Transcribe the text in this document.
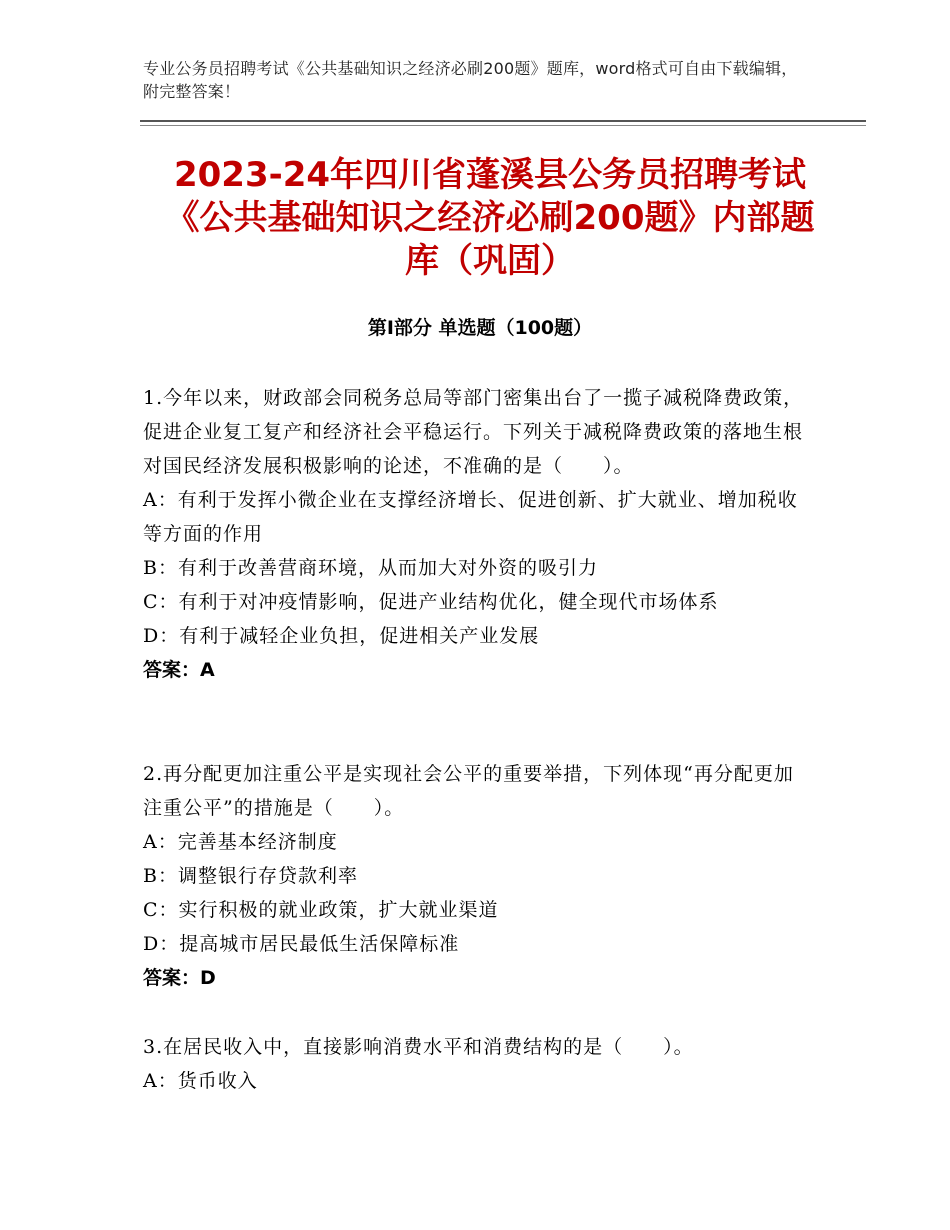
专业公务员招聘考试《公共基础知识之经济必刷200题》题库，word格式可自由下载编辑，附完整答案！
2023-24年四川省蓬溪县公务员招聘考试《公共基础知识之经济必刷200题》内部题库（巩固）
第Ⅰ部分 单选题（100题）

1.今年以来，财政部会同税务总局等部门密集出台了一揽子减税降费政策，促进企业复工复产和经济社会平稳运行。下列关于减税降费政策的落地生根对国民经济发展积极影响的论述，不准确的是（　　）。

A：有利于发挥小微企业在支撑经济增长、促进创新、扩大就业、增加税收等方面的作用

B：有利于改善营商环境，从而加大对外资的吸引力

C：有利于对冲疫情影响，促进产业结构优化，健全现代市场体系

D：有利于减轻企业负担，促进相关产业发展

答案：A

2.再分配更加注重公平是实现社会公平的重要举措，下列体现“再分配更加注重公平”的措施是（　　）。

A：完善基本经济制度

B：调整银行存贷款利率

C：实行积极的就业政策，扩大就业渠道

D：提高城市居民最低生活保障标准

答案：D

3.在居民收入中，直接影响消费水平和消费结构的是（　　）。

A：货币收入
